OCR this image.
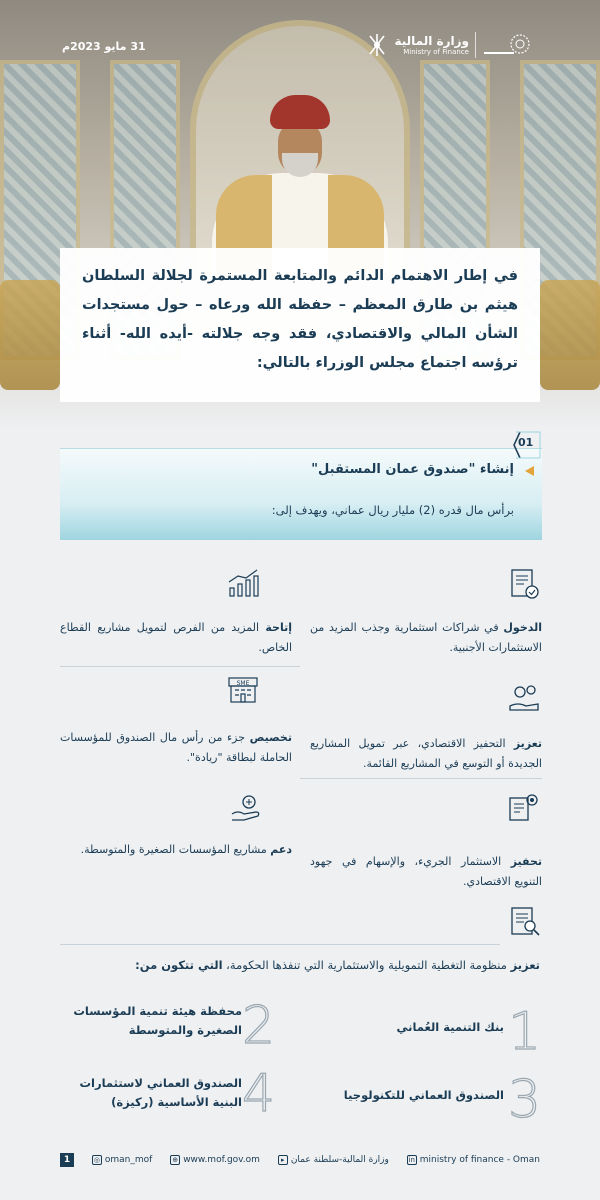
31 مايو 2023م	وزارة المالية
Ministry of Finance
في إطار الاهتمام الدائم والمتابعة المستمرة لجلالة السلطان هيثم بن طارق المعظم – حفظه الله ورعاه – حول مستجدات الشأن المالي والاقتصادي، فقد وجه جلالته -أيده الله- أثناء ترؤسه اجتماع مجلس الوزراء بالتالي:
01
إنشاء "صندوق عمان المستقبل"
برأس مال قدره (2) مليار ريال عماني، ويهدف إلى:
الدخول في شراكات استثمارية وجذب المزيد من الاستثمارات الأجنبية.
إتاحة المزيد من الفرص لتمويل مشاريع القطاع الخاص.
تعزيز التحفيز الاقتصادي، عبر تمويل المشاريع الجديدة أو التوسع في المشاريع القائمة.
SME
تخصيص جزء من رأس مال الصندوق للمؤسسات الحاملة لبطاقة "ريادة".
تحفيز الاستثمار الجريء، والإسهام في جهود التنويع الاقتصادي.
دعم مشاريع المؤسسات الصغيرة والمتوسطة.
تعزيز منظومة التغطية التمويلية والاستثمارية التي تنفذها الحكومة، التي تتكون من:
1
بنك التنمية العُماني
2
محفظة هيئة تنمية المؤسسات الصغيرة والمتوسطة
3
الصندوق العماني للتكنولوجيا
4
الصندوق العماني لاستثمارات البنية الأساسية (ركيزة)
1	◎ oman_mof	⊕ www.mof.gov.om	▸ وزارة المالية-سلطنة عمان	in ministry of finance - Oman
